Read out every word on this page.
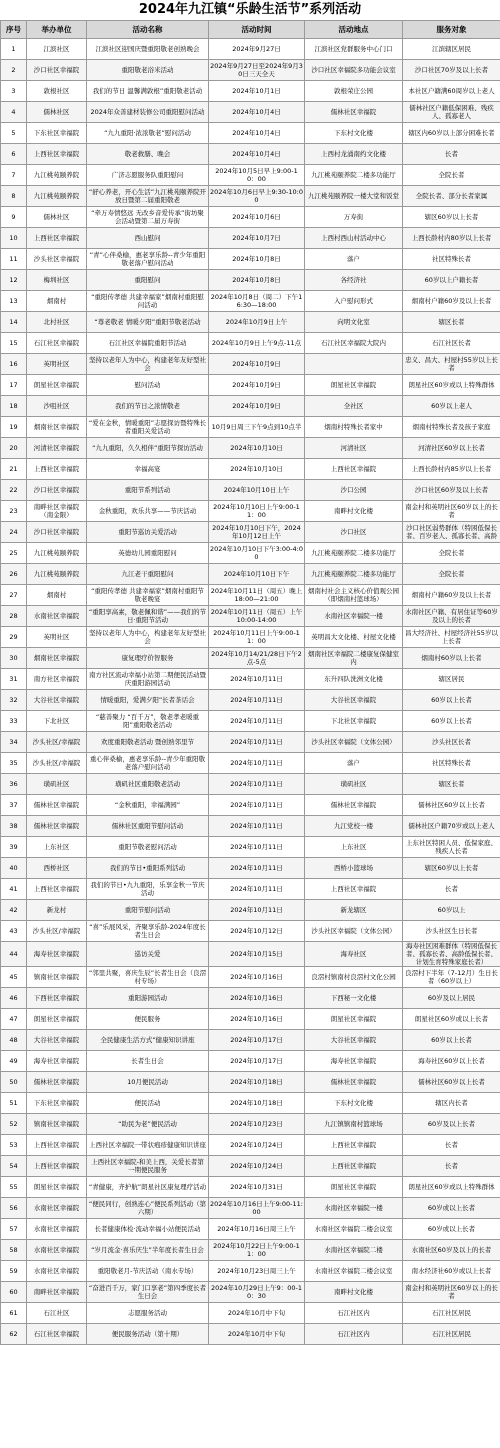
2024年九江镇“乐龄生活节”系列活动
序号	举办单位	活动名称	活动时间	活动地点	服务对象
1	江滨社区	江滨社区迎国庆暨重阳敬老创熟晚会	2024年9月27日	江滨社区党群服务中心门口	江滨辖区居民
2	沙口社区幸福院	重阳敬老浴米活动	2024年9月27日至2024年9月30日三天全天	沙口社区幸福院多功能会议室	沙口社区70岁及以上长者
3	敦根社区	我们的节日 温馨满敦根”重阳敬老活动	2024年10月1日	敦根荣庄公园	本社区户籍满60周岁以上老人
4	儒林社区	2024年众善建材装修公司重阳慰问活动	2024年10月4日	儒林社区幸福院	儒林社区户籍低保困难、残疾人、孤寡老人
5	下东社区幸福院	“九九重阳·浓浓敬老”慰问活动	2024年10月4日	下东村文化楼	辖区内60岁以上部分困难长者
6	上西社区幸福院	敬老救膳、晚会	2024年10月4日	上西村龙涌南约文化楼	长者
7	九江桃苑颐养院	广济志愿服务队重阳慰问	2024年10月5日早上9:00-10：00	九江桃苑颐养院二楼多功能厅	全院长者
8	九江桃苑颐养院	“舒心养老，开心生活”九江桃苑颐养院开放日暨第二届重阳敬老	2024年10月6日早上9:30-10:00	九江桃苑颐养院一楼大堂和饭堂	全院长者、部分长者家属
9	儒林社区	“牵万寿情悠远 无改乡音爱传承”街坊聚会活动暨第二届万寿街	2024年10月6日	万寿街	辖区60岁以上长者
10	上西社区幸福院	西山慰问	2024年10月7日	上西村西山村活动中心	上西长龄村内80岁以上长者
11	沙头社区幸福院	“青”心伴桑榆，惠老享乐龄--青少年重阳敬老落户慰问活动	2024年10月8日	落户	社区特殊长者
12	梅圳社区	重阳慰问	2024年10月8日	各经济社	60岁以上户籍长者
13	烟南村	“重阳传孝德 共建幸福家”烟南村重阳慰问活动	2024年10月8日（周二）下午16:30—18:00	入户慰问形式	烟南村户籍60岁及以上长者
14	北村社区	“尊老敬老 情暖夕阳”重阳节敬老活动	2024年10月9日上午	向明文化室	辖区长者
15	石江社区幸福院	石江社区幸福院重阳节活动	2024年10月9日上午9点-11点	石江社区幸福院大院内	石江社区长者
16	英明社区	坚持以老年人为中心，构建老年友好型社会	2024年10月9日		忠义、昌大、村屋村55岁以上长者
17	朗星社区幸福院	慰问活动	2024年10月9日	朗星社区幸福院	朗星社区60岁或以上特殊群体
18	沙咀社区	我们的节日之浓情敬老	2024年10月9日	全社区	60岁以上老人
19	烟南社区幸福院	“爱在金秋，情暖重阳”志愿探访暨特殊长者重阳关爱活动	10月9日周三下午9点到10点半	烟南村特殊长者家中	烟南村特殊长者及孩子家庭
20	河清社区幸福院	“九九重阳，久久相伴”重阳节探访活动	2024年10月10日	河清社区	河清社区60岁以上长者
21	上西社区幸福院	幸福高宴	2024年10月10日	上西社区幸福院	上西长龄村内85岁以上长者
22	沙口社区幸福院	重阳节系列活动	2024年10月10日上午	沙口公园	沙口社区60岁及以上长者
23	南畔社区幸福院（南金限）	金秋重阳，欢乐共享——节庆活动	2024年10月10日上午9:00-11：00	南畔村文化楼	南金村和英明社区60岁以上的长者
24	沙口社区幸福院	重阳节巡访关爱活动	2024年10月10日下午，2024年10月12日上午	沙口社区	沙口社区弱势群体（特困低保长者、百岁老人、孤寡长者、高龄
25	九江桃苑颐养院	英德幼儿园重阳慰问	2024年10月10日下午3:00-4:00	九江桃苑颐养院二楼多功能厅	全院长者
26	九江桃苑颐养院	九江老干重阳慰问	2024年10月10日下午	九江桃苑颐养院二楼多功能厅	全院长者
27	烟南村	“重阳传孝德 共建幸福家”烟南村重阳节敬老晚宴	2024年10月11日（周五）晚上18:00—21:00	烟南村社会主义核心价值观公园（即烟南村篮球场）	烟南村户籍60岁及以上长者
28	水南社区幸福院	“重阳享高素，敬老佩和谐”——我们的节日·重阳节活动	2024年10月11日（周五）上午10:00-14:00	水南社区幸福院一楼	水南社区户籍、有居住证等60岁及以上的长者
29	英明社区	坚持以老年人为中心，构建老年友好型社会	2024年10月11日上午9:00-11：00	英明昌大文化楼、村屋文化楼	昌大经济社、村屋经济社55岁以上长者
30	烟南社区幸福院	康复理疗价智服务	2024年10月14/21/28日下午2点-5点	烟南社区幸福院二楼康复保健室内	烟南村60岁以上长者
31	南方社区幸福院	南方社区流动幸福小站第二期便民活动暨庆重阳游园活动	2024年10月11日	东升四队洗洲文化楼	辖区居民
32	大谷社区幸福院	情暖重阳，爱满夕阳”长者茶话会	2024年10月11日	大谷社区幸福院	60岁以上长者
33	下北社区	“慈善聚力 “百千万”，敬老孝老暖重阳”重阳敬老活动	2024年10月11日	下北社区幸福院	60岁以上长者
34	沙头社区/幸福院	欢度重阳敬老活动 暨创熟邻里节	2024年10月11日	沙头社区幸福院（文体公园）	沙头社区长者
35	沙头社区/幸福院	重心伴桑榆，惠老享乐龄--青少年重阳敬老落户慰问活动	2024年10月11日	落户	社区特殊长者
36	璜矶社区	璜矶社区重阳敬老活动	2024年10月11日	璜矶社区	辖区长者
37	儒林社区幸福院	“金秋重阳，幸福满园”	2024年10月11日	儒林社区幸福院	儒林社区60岁以上长者
38	儒林社区幸福院	儒林社区重阳节慰问活动	2024年10月11日	九江党校一楼	儒林社区户籍70岁或以上老人
39	上东社区	重阳节敬老慰问活动	2024年10月11日	上东社区	上东社区特困人员、低保家庭、残疾人长者
40	西桥社区	我们的节日•重阳系列活动	2024年10月11日	西桥小篮球场	辖区60岁以上长者
41	上西社区幸福院	我们的节日•九九重阳，乐享金秋一节庆活动	2024年10月11日	上西社区幸福院	长者
42	新龙村	重阳节慰问活动	2024年10月11日	新龙辖区	60岁以上
43	沙头社区/幸福院	“喜”乐展风采，齐聚享乐龄-2024年度长者生日会	2024年10月12日	沙头社区幸福院（文体公园）	沙头社区生日长者
44	海寿社区幸福院	巡访关爱	2024年10月15日	海寿社区	海寿社区困难群体（特困低保长者、孤寡长者、高龄低保长者、计划生育特殊家庭长者）
45	镇南社区幸福院	“邻里共聚，喜庆生辰”长者生日会（良滘村专场）	2024年10月16日	良滘村镇南村良滘村文化公园	良滘村下半年（7-12月）生日长者（60岁以上）
46	下西社区幸福院	重阳游园活动	2024年10月16日	下西秘一文化楼	60岁及以上居民
47	朗星社区幸福院	便民服务	2024年10月16日	朗星社区幸福院	朗星社区60岁或以上长者
48	大谷社区幸福院	全民健康生活方式”健康知识讲座	2024年10月17日	大谷社区幸福院	60岁以上长者
49	海寿社区幸福院	长者生日会	2024年10月17日	海寿社区幸福院	海寿社区60岁以上长者
50	儒林社区幸福院	10月便民活动	2024年10月18日	儒林社区幸福院	儒林社区60岁以上长者
51	下东社区幸福院	便民活动	2024年10月18日	下东村文化楼	辖区内长者
52	镇南社区幸福院	“助民为老”便民活动	2024年10月23日	九江镇镇南村篮球场	60岁及以上长者
53	上西社区幸福院	上西社区幸福院一带状疱疹健康知识讲座	2024年10月24日	上西社区幸福院	长者
54	上西社区幸福院	上西社区幸福院-和美上西，关爱长者第一期便民服务	2024年10月24日	上西社区幸福院	长者
55	朗星社区幸福院	“青健康，齐护航”朗星社区康复理疗活动	2024年10月31日	朗星社区幸福院	朗星社区60岁或以上特殊群体
56	水南社区幸福院	“便民同行，创熟连心”便民系列活动（第六期）	2024年10月16日上午9:00-11:00	水南社区幸福院一楼	60岁或以上长者
57	水南社区幸福院	长者健康体检·流动幸福小站便民活动	2024年10月16日周三上午	水南社区幸福院二楼会议室	60岁或以上长者
58	水南社区幸福院	“岁月流金·喜乐庆生”半年度长者生日会	2024年10月22日上午9:00-11：00	水南社区幸福院二楼	水南社区60岁及以上的长者
59	水南社区幸福院	重阳敬老月-节庆活动（南水专场）	2024年10月23日周三上午	水南社区幸福院二楼会议室	南水经济社60岁或以上长者
60	南畔社区幸福院	“奋进百千万，家门口享老”第四季度长者生日会	2024年10月29日上午9：00-10：30	南畔村文化楼	南金村和英明社区60岁以上的长者
61	石江社区	志愿服务活动	2024年10月中下旬	石江社区内	石江社区居民
62	石江社区幸福院	便民服务活动（第十期）	2024年10月中下旬	石江社区内	石江社区居民
